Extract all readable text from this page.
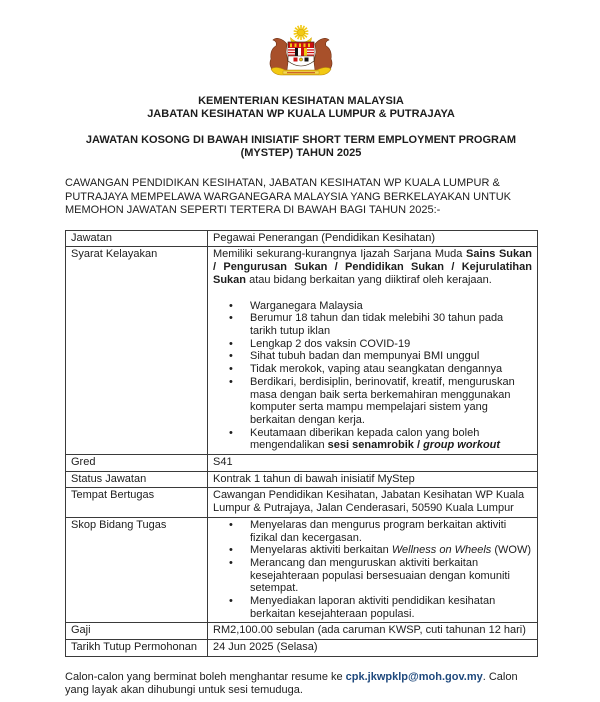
KEMENTERIAN KESIHATAN MALAYSIA
JABATAN KESIHATAN WP KUALA LUMPUR & PUTRAJAYA
JAWATAN KOSONG DI BAWAH INISIATIF SHORT TERM EMPLOYMENT PROGRAM
(MYSTEP) TAHUN 2025

CAWANGAN PENDIDIKAN KESIHATAN, JABATAN KESIHATAN WP KUALA LUMPUR & PUTRAJAYA MEMPELAWA WARGANEGARA MALAYSIA YANG BERKELAYAKAN UNTUK MEMOHON JAWATAN SEPERTI TERTERA DI BAWAH BAGI TAHUN 2025:-

Jawatan	Pegawai Penerangan (Pendidikan Kesihatan)

Syarat Kelayakan	Memiliki sekurang-kurangnya Ijazah Sarjana Muda Sains Sukan / Pengurusan Sukan / Pendidikan Sukan / Kejurulatihan Sukan atau bidang berkaitan yang diiktiraf oleh kerajaan.

•	Warganegara Malaysia
•	Berumur 18 tahun dan tidak melebihi 30 tahun pada tarikh tutup iklan
•	Lengkap 2 dos vaksin COVID-19
•	Sihat tubuh badan dan mempunyai BMI unggul
•	Tidak merokok, vaping atau seangkatan dengannya
•	Berdikari, berdisiplin, berinovatif, kreatif, menguruskan masa dengan baik serta berkemahiran menggunakan komputer serta mampu mempelajari sistem yang berkaitan dengan kerja.
•	Keutamaan diberikan kepada calon yang boleh mengendalikan sesi senamrobik / group workout

Gred	S41

Status Jawatan	Kontrak 1 tahun di bawah inisiatif MyStep

Tempat Bertugas	Cawangan Pendidikan Kesihatan, Jabatan Kesihatan WP Kuala Lumpur & Putrajaya, Jalan Cenderasari, 50590 Kuala Lumpur

Skop Bidang Tugas	•	Menyelaras dan mengurus program berkaitan aktiviti fizikal dan kecergasan.
•	Menyelaras aktiviti berkaitan Wellness on Wheels (WOW)
•	Merancang dan menguruskan aktiviti berkaitan kesejahteraan populasi bersesuaian dengan komuniti setempat.
•	Menyediakan laporan aktiviti pendidikan kesihatan berkaitan kesejahteraan populasi.

Gaji	RM2,100.00 sebulan (ada caruman KWSP, cuti tahunan 12 hari)

Tarikh Tutup Permohonan	24 Jun 2025 (Selasa)

Calon-calon yang berminat boleh menghantar resume ke cpk.jkwpklp@moh.gov.my. Calon yang layak akan dihubungi untuk sesi temuduga.
